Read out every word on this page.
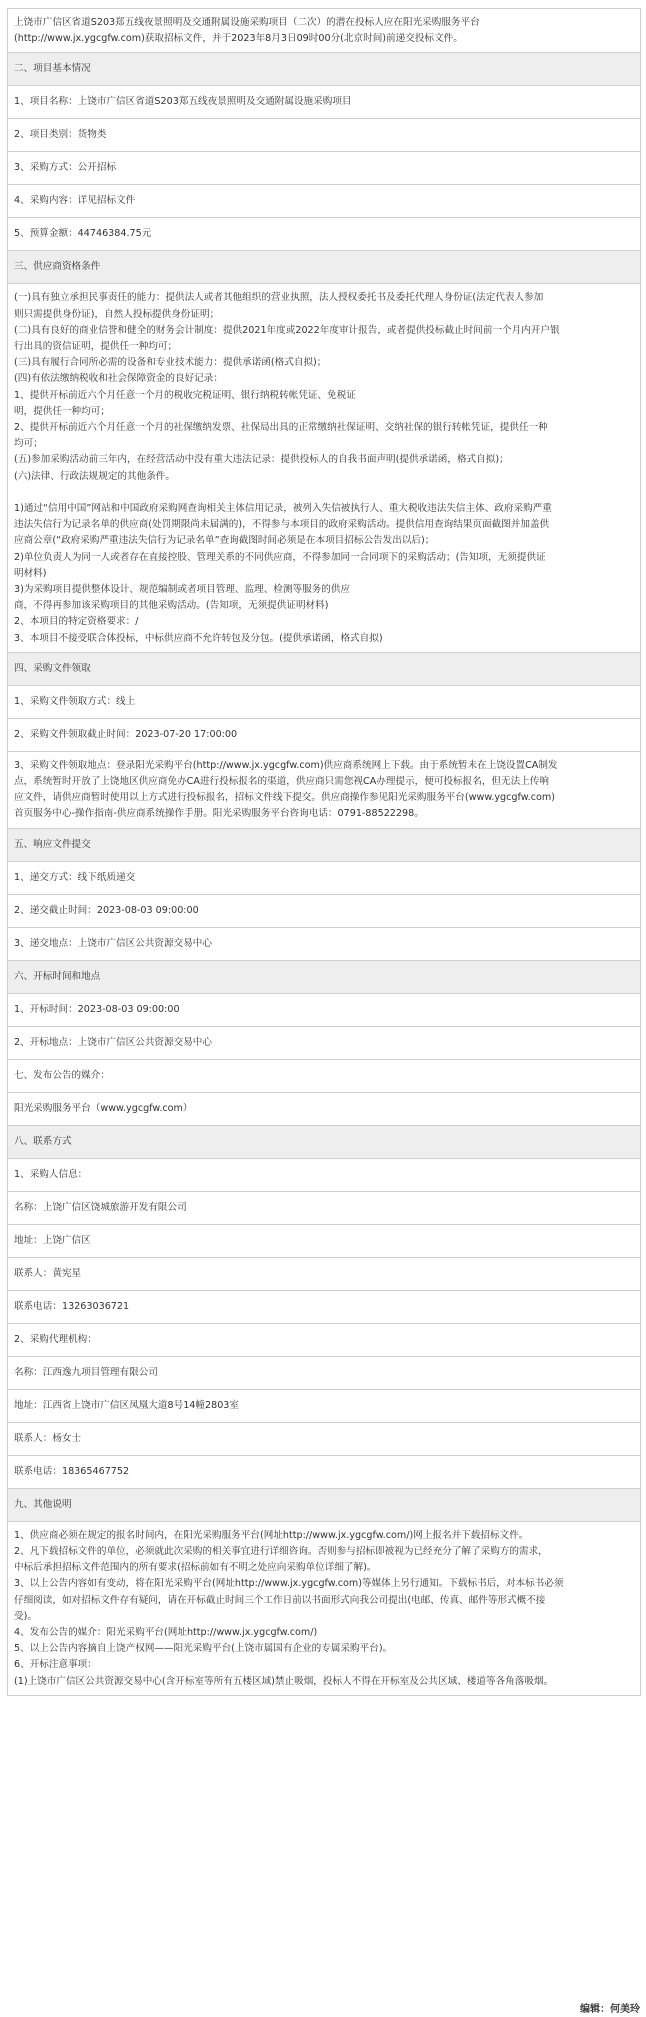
上饶市广信区省道S203郑五线夜景照明及交通附属设施采购项目（二次）的潜在投标人应在阳光采购服务平台
(http://www.jx.ygcgfw.com)获取招标文件，并于2023年8月3日09时00分(北京时间)前递交投标文件。
二、项目基本情况
1、项目名称：上饶市广信区省道S203郑五线夜景照明及交通附属设施采购项目
2、项目类别：货物类
3、采购方式：公开招标
4、采购内容：详见招标文件
5、预算金额：44746384.75元
三、供应商资格条件
(一)具有独立承担民事责任的能力：提供法人或者其他组织的营业执照，法人授权委托书及委托代理人身份证(法定代表人参加
则只需提供身份证)，自然人投标提供身份证明；
(二)具有良好的商业信誉和健全的财务会计制度：提供2021年度或2022年度审计报告，或者提供投标截止时间前一个月内开户银
行出具的资信证明，提供任一种均可；
(三)具有履行合同所必需的设备和专业技术能力：提供承诺函(格式自拟)；
(四)有依法缴纳税收和社会保障资金的良好记录：
1、提供开标前近六个月任意一个月的税收完税证明、银行纳税转帐凭证、免税证
明，提供任一种均可；
2、提供开标前近六个月任意一个月的社保缴纳发票、社保局出具的正常缴纳社保证明、交纳社保的银行转帐凭证，提供任一种
均可；
(五)参加采购活动前三年内，在经营活动中没有重大违法记录：提供投标人的自我书面声明(提供承诺函，格式自拟)；
(六)法律、行政法规规定的其他条件。

1)通过“信用中国”网站和中国政府采购网查询相关主体信用记录，被列入失信被执行人、重大税收违法失信主体、政府采购严重
违法失信行为记录名单的供应商(处罚期限尚未届满的)，不得参与本项目的政府采购活动。提供信用查询结果页面截图并加盖供
应商公章(“政府采购严重违法失信行为记录名单”查询截图时间必须是在本项目招标公告发出以后)；
2)单位负责人为同一人或者存在直接控股、管理关系的不同供应商，不得参加同一合同项下的采购活动；(告知项，无须提供证
明材料)
3)为采购项目提供整体设计、规范编制或者项目管理、监理、检测等服务的供应
商，不得再参加该采购项目的其他采购活动。(告知项，无须提供证明材料)
2、本项目的特定资格要求：/
3、本项目不接受联合体投标，中标供应商不允许转包及分包。(提供承诺函，格式自拟)
四、采购文件领取
1、采购文件领取方式：线上
2、采购文件领取截止时间：2023-07-20 17:00:00
3、采购文件领取地点：登录阳光采购平台(http://www.jx.ygcgfw.com)供应商系统网上下载。由于系统暂未在上饶设置CA制发
点，系统暂时开放了上饶地区供应商免办CA进行投标报名的渠道，供应商只需您视CA办理提示，便可投标报名，但无法上传响
应文件，请供应商暂时使用以上方式进行投标报名，招标文件线下提交。供应商操作参见阳光采购服务平台(www.ygcgfw.com)
首页服务中心-操作指南-供应商系统操作手册。阳光采购服务平台咨询电话：0791-88522298。
五、响应文件提交
1、递交方式：线下纸质递交
2、递交截止时间：2023-08-03 09:00:00
3、递交地点：上饶市广信区公共资源交易中心
六、开标时间和地点
1、开标时间：2023-08-03 09:00:00
2、开标地点：上饶市广信区公共资源交易中心
七、发布公告的媒介：
阳光采购服务平台（www.ygcgfw.com）
八、联系方式
1、采购人信息：
名称：上饶广信区饶城旅游开发有限公司
地址：上饶广信区
联系人：黄宪星
联系电话：13263036721
2、采购代理机构：
名称：江西逸九项目管理有限公司
地址：江西省上饶市广信区凤凰大道8号14幢2803室
联系人：杨女士
联系电话：18365467752
九、其他说明
1、供应商必须在规定的报名时间内，在阳光采购服务平台(网址http://www.jx.ygcgfw.com/)网上报名并下载招标文件。
2、凡下载招标文件的单位，必须就此次采购的相关事宜进行详细咨询。否则参与招标即被视为已经充分了解了采购方的需求，
中标后承担招标文件范围内的所有要求(招标前如有不明之处应向采购单位详细了解)。
3、以上公告内容如有变动，将在阳光采购平台(网址http://www.jx.ygcgfw.com)等媒体上另行通知。下载标书后，对本标书必须
仔细阅读，如对招标文件存有疑问，请在开标截止时间三个工作日前以书面形式向我公司提出(电邮、传真、邮件等形式概不接
受)。
4、发布公告的媒介：阳光采购平台(网址http://www.jx.ygcgfw.com/)
5、以上公告内容摘自上饶产权网——阳光采购平台(上饶市属国有企业的专属采购平台)。
6、开标注意事项：
(1)上饶市广信区公共资源交易中心(含开标室等所有五楼区域)禁止吸烟，投标人不得在开标室及公共区域、楼道等各角落吸烟。
编辑：何美玲
